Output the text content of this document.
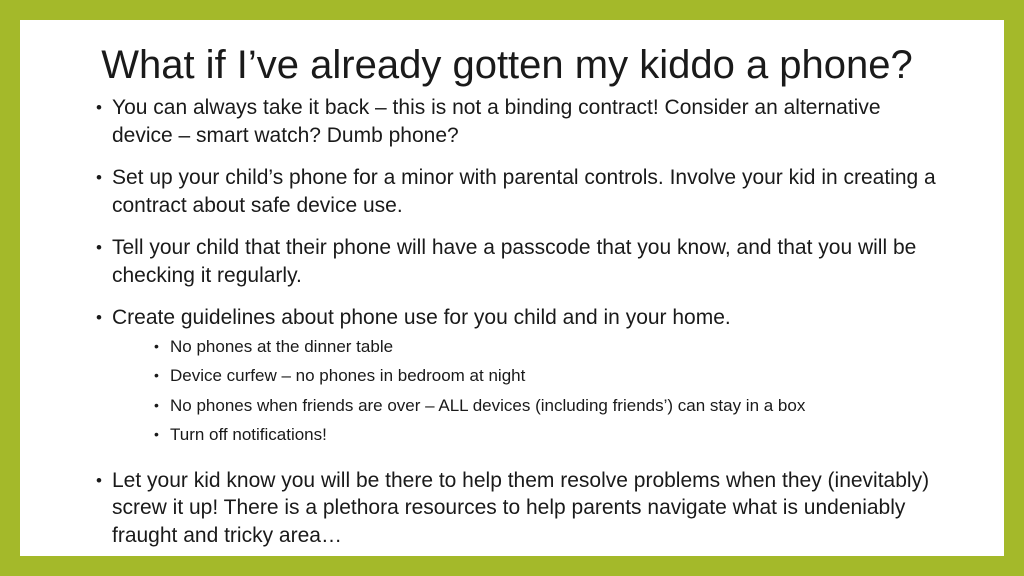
What if I’ve already gotten my kiddo a phone?
• You can always take it back – this is not a binding contract! Consider an alternative device – smart watch? Dumb phone?
• Set up your child’s phone for a minor with parental controls. Involve your kid in creating a contract about safe device use.
• Tell your child that their phone will have a passcode that you know, and that you will be checking it regularly.
• Create guidelines about phone use for you child and in your home.
• No phones at the dinner table
• Device curfew – no phones in bedroom at night
• No phones when friends are over – ALL devices (including friends’) can stay in a box
• Turn off notifications!
• Let your kid know you will be there to help them resolve problems when they (inevitably) screw it up! There is a plethora resources to help parents navigate what is undeniably fraught and tricky area…
